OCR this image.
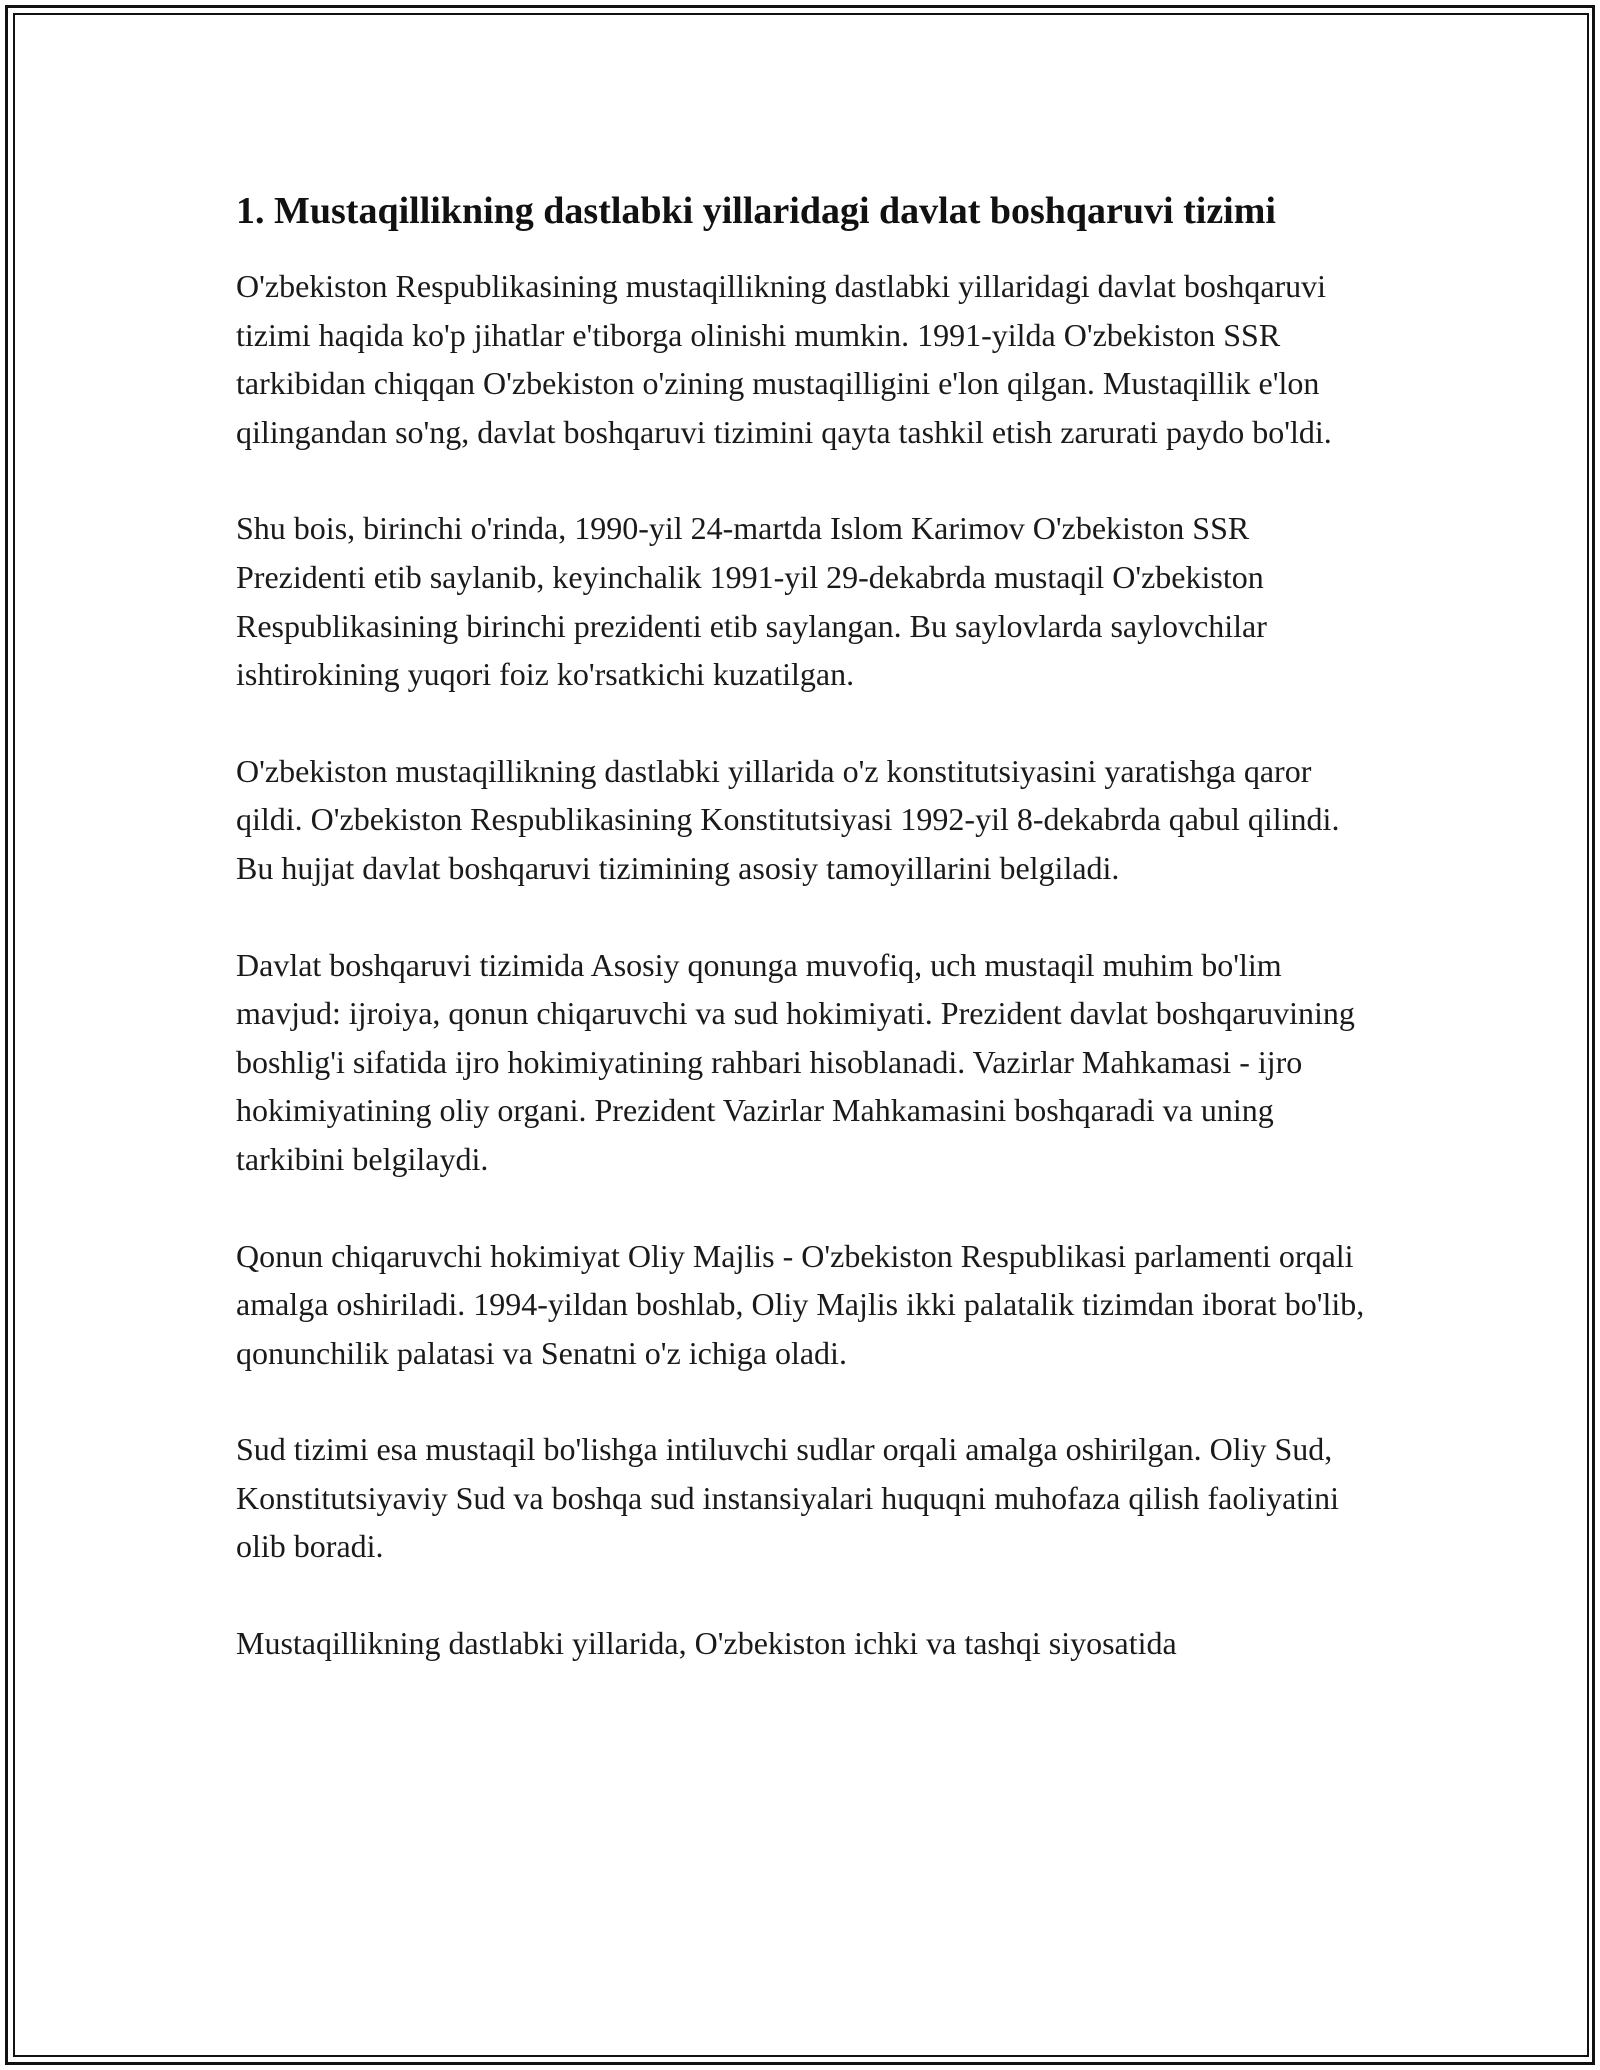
1. Mustaqillikning dastlabki yillaridagi davlat boshqaruvi tizimi

O'zbekiston Respublikasining mustaqillikning dastlabki yillaridagi davlat boshqaruvi tizimi haqida ko'p jihatlar e'tiborga olinishi mumkin. 1991-yilda O'zbekiston SSR tarkibidan chiqqan O'zbekiston o'zining mustaqilligini e'lon qilgan. Mustaqillik e'lon qilingandan so'ng, davlat boshqaruvi tizimini qayta tashkil etish zarurati paydo bo'ldi.

Shu bois, birinchi o'rinda, 1990-yil 24-martda Islom Karimov O'zbekiston SSR Prezidenti etib saylanib, keyinchalik 1991-yil 29-dekabrda mustaqil O'zbekiston Respublikasining birinchi prezidenti etib saylangan. Bu saylovlarda saylovchilar ishtirokining yuqori foiz ko'rsatkichi kuzatilgan.

O'zbekiston mustaqillikning dastlabki yillarida o'z konstitutsiyasini yaratishga qaror qildi. O'zbekiston Respublikasining Konstitutsiyasi 1992-yil 8-dekabrda qabul qilindi. Bu hujjat davlat boshqaruvi tizimining asosiy tamoyillarini belgiladi.

Davlat boshqaruvi tizimida Asosiy qonunga muvofiq, uch mustaqil muhim bo'lim mavjud: ijroiya, qonun chiqaruvchi va sud hokimiyati. Prezident davlat boshqaruvining boshlig'i sifatida ijro hokimiyatining rahbari hisoblanadi. Vazirlar Mahkamasi - ijro hokimiyatining oliy organi. Prezident Vazirlar Mahkamasini boshqaradi va uning tarkibini belgilaydi.

Qonun chiqaruvchi hokimiyat Oliy Majlis - O'zbekiston Respublikasi parlamenti orqali amalga oshiriladi. 1994-yildan boshlab, Oliy Majlis ikki palatalik tizimdan iborat bo'lib, qonunchilik palatasi va Senatni o'z ichiga oladi.

Sud tizimi esa mustaqil bo'lishga intiluvchi sudlar orqali amalga oshirilgan. Oliy Sud, Konstitutsiyaviy Sud va boshqa sud instansiyalari huquqni muhofaza qilish faoliyatini olib boradi.

Mustaqillikning dastlabki yillarida, O'zbekiston ichki va tashqi siyosatida
